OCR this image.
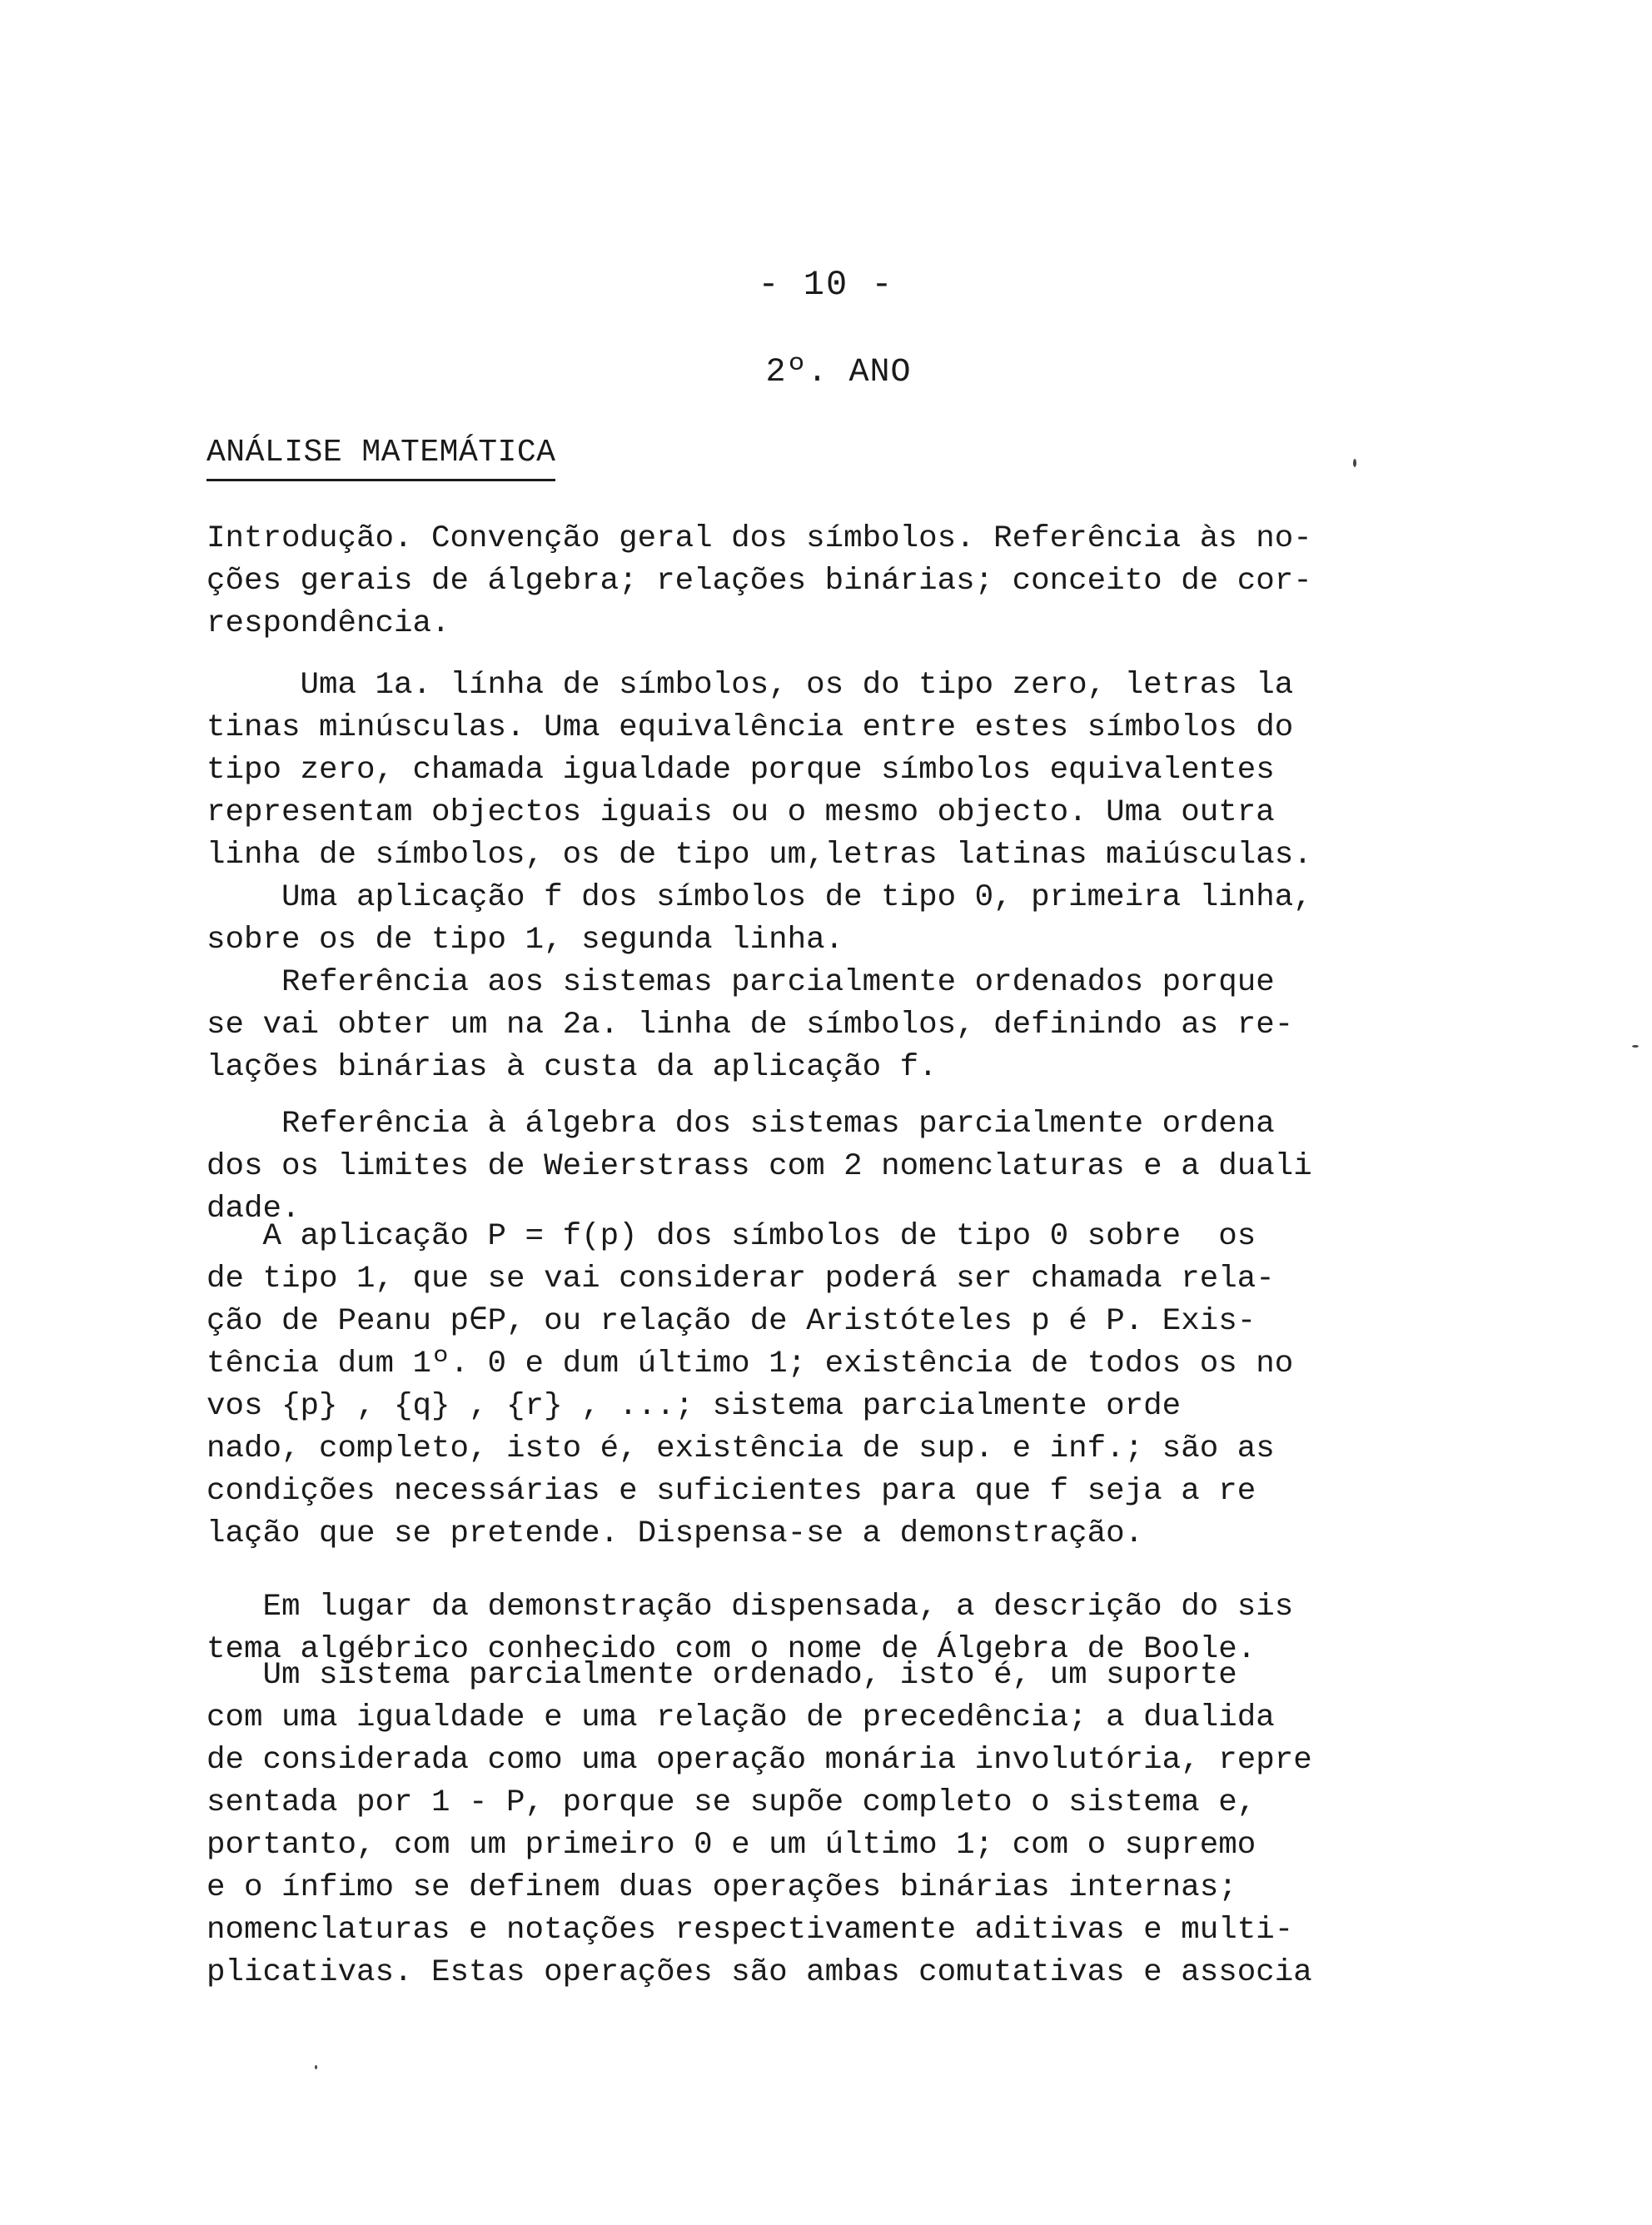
- 10 -
2º. ANO
ANÁLISE MATEMÁTICA
Introdução. Convenção geral dos símbolos. Referência às no-
ções gerais de álgebra; relações binárias; conceito de cor-
respondência.
Uma 1a. línha de símbolos, os do tipo zero, letras la
tinas minúsculas. Uma equivalência entre estes símbolos do
tipo zero, chamada igualdade porque símbolos equivalentes
representam objectos iguais ou o mesmo objecto. Uma outra
linha de símbolos, os de tipo um,letras latinas maiúsculas.
Uma aplicação f dos símbolos de tipo 0, primeira linha,
sobre os de tipo 1, segunda linha.
Referência aos sistemas parcialmente ordenados porque
se vai obter um na 2a. linha de símbolos, definindo as re-
lações binárias à custa da aplicação f.
Referência à álgebra dos sistemas parcialmente ordena
dos os limites de Weierstrass com 2 nomenclaturas e a duali
dade.
A aplicação P = f(p) dos símbolos de tipo 0 sobre  os
de tipo 1, que se vai considerar poderá ser chamada rela-
ção de Peanu p∈P, ou relação de Aristóteles p é P. Exis-
tência dum 1º. 0 e dum último 1; existência de todos os no
vos {p} , {q} , {r} , ...; sistema parcialmente orde
nado, completo, isto é, existência de sup. e inf.; são as
condições necessárias e suficientes para que f seja a re
lação que se pretende. Dispensa-se a demonstração.
Em lugar da demonstração dispensada, a descrição do sis
tema algébrico conhecido com o nome de Álgebra de Boole.
Um sistema parcialmente ordenado, isto é, um suporte
com uma igualdade e uma relação de precedência; a dualida
de considerada como uma operação monária involutória, repre
sentada por 1 - P, porque se supõe completo o sistema e,
portanto, com um primeiro 0 e um último 1; com o supremo
e o ínfimo se definem duas operações binárias internas;
nomenclaturas e notações respectivamente aditivas e multi-
plicativas. Estas operações são ambas comutativas e associa
